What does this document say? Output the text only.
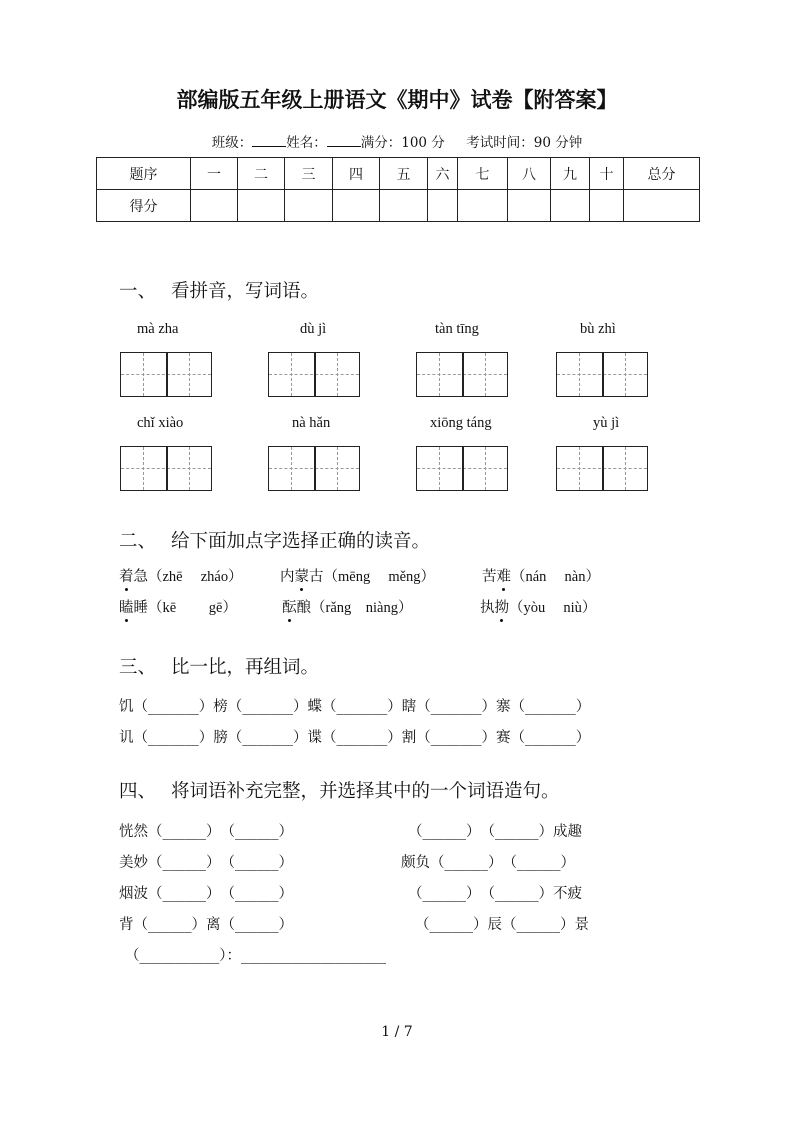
部编版五年级上册语文《期中》试卷【附答案】
班级：	姓名：	满分：100 分 考试时间：90 分钟
题序	一	二	三	四	五	六	七	八	九	十	总分
得分											
一、 看拼音，写词语。
mà zha	dù jì	tàn tīng	bù zhì
chǐ xiào	nà hǎn	xiōng táng	yù jì
二、 给下面加点字选择正确的读音。
着急（zhē　 zháo）	内蒙古（mēng　 měng）	苦难（nán　 nàn）
瞌睡（kē　　 gē）	酝酿（rǎng　niàng）	执拗（yòu　 niù）
三、 比一比，再组词。
饥（_______）榜（_______）蝶（_______）瞎（_______）寨（_______）
讥（_______）膀（_______）谍（_______）割（_______）赛（_______）
四、 将词语补充完整，并选择其中的一个词语造句。
恍然（______）　（______）	（______）　（______）成趣
美妙（______）　（______）	颇负（______）　（______）
烟波（______）　（______）	（______）　（______）不疲
背（______）离（______）	（______）辰（______）景
（___________）：____________________
1 / 7
